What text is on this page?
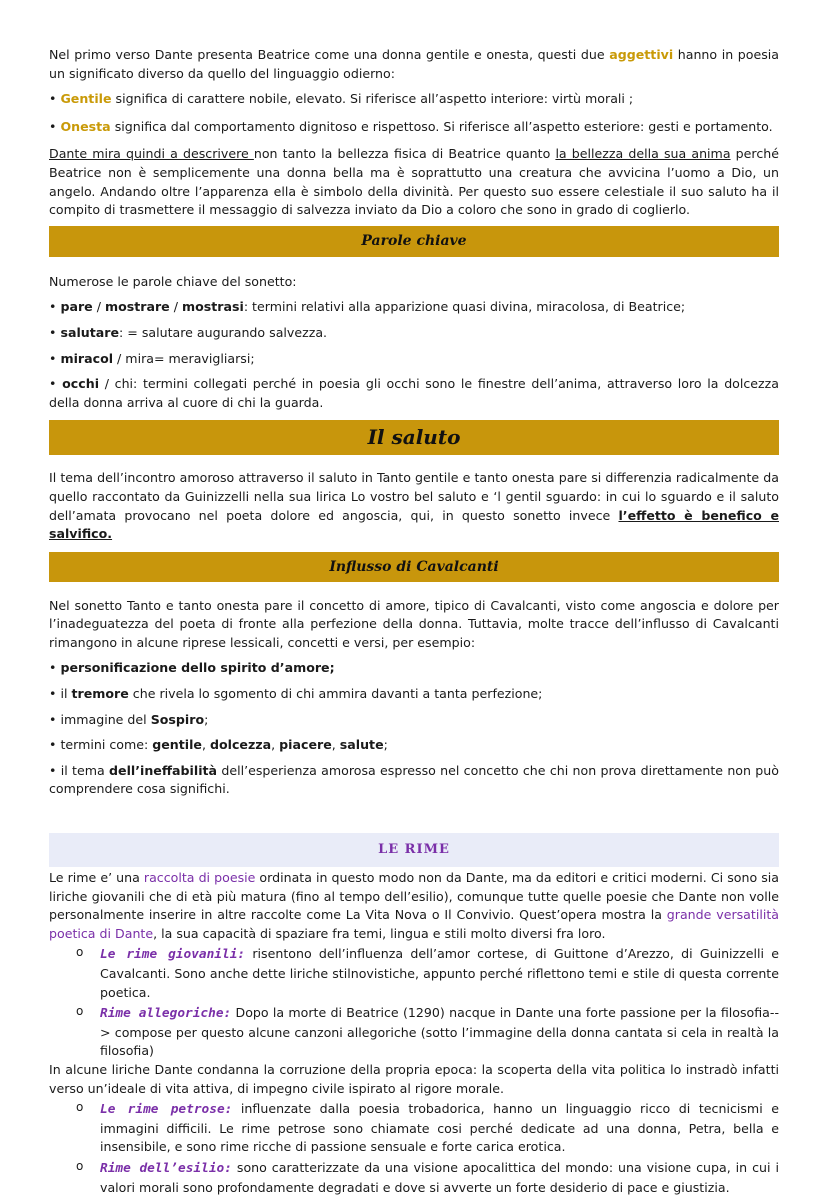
Nel primo verso Dante presenta Beatrice come una donna gentile e onesta, questi due aggettivi hanno in poesia un significato diverso da quello del linguaggio odierno:

• Gentile significa di carattere nobile, elevato. Si riferisce all’aspetto interiore: virtù morali ;

• Onesta significa dal comportamento dignitoso e rispettoso. Si riferisce all’aspetto esteriore: gesti e portamento.

Dante mira quindi a descrivere non tanto la bellezza fisica di Beatrice quanto la bellezza della sua anima perché Beatrice non è semplicemente una donna bella ma è soprattutto una creatura che avvicina l’uomo a Dio, un angelo. Andando oltre l’apparenza ella è simbolo della divinità. Per questo suo essere celestiale il suo saluto ha il compito di trasmettere il messaggio di salvezza inviato da Dio a coloro che sono in grado di coglierlo.

Parole chiave

Numerose le parole chiave del sonetto:

• pare / mostrare / mostrasi: termini relativi alla apparizione quasi divina, miracolosa, di Beatrice;

• salutare: = salutare augurando salvezza.

• miracol / mira= meravigliarsi;

• occhi / chi: termini collegati perché in poesia gli occhi sono le finestre dell’anima, attraverso loro la dolcezza della donna arriva al cuore di chi la guarda.

Il saluto

Il tema dell’incontro amoroso attraverso il saluto in Tanto gentile e tanto onesta pare si differenzia radicalmente da quello raccontato da Guinizzelli nella sua lirica Lo vostro bel saluto e ‘l gentil sguardo: in cui lo sguardo e il saluto dell’amata provocano nel poeta dolore ed angoscia, qui, in questo sonetto invece l’effetto è benefico e salvifico.

Influsso di Cavalcanti

Nel sonetto Tanto e tanto onesta pare il concetto di amore, tipico di Cavalcanti, visto come angoscia e dolore per l’inadeguatezza del poeta di fronte alla perfezione della donna. Tuttavia, molte tracce dell’influsso di Cavalcanti rimangono in alcune riprese lessicali, concetti e versi, per esempio:

• personificazione dello spirito d’amore;

• il tremore che rivela lo sgomento di chi ammira davanti a tanta perfezione;

• immagine del Sospiro;

• termini come: gentile, dolcezza, piacere, salute;

• il tema dell’ineffabilità dell’esperienza amorosa espresso nel concetto che chi non prova direttamente non può comprendere cosa significhi.

LE RIME

Le rime e’ una raccolta di poesie ordinata in questo modo non da Dante, ma da editori e critici moderni. Ci sono sia liriche giovanili che di età più matura (fino al tempo dell’esilio), comunque tutte quelle poesie che Dante non volle personalmente inserire in altre raccolte come La Vita Nova o Il Convivio. Quest’opera mostra la grande versatilità poetica di Dante, la sua capacità di spaziare fra temi, lingua e stili molto diversi fra loro.

o Le rime giovanili: risentono dell’influenza dell’amor cortese, di Guittone d’Arezzo, di Guinizzelli e Cavalcanti. Sono anche dette liriche stilnovistiche, appunto perché riflettono temi e stile di questa corrente poetica.

o Rime allegoriche: Dopo la morte di Beatrice (1290) nacque in Dante una forte passione per la filosofia--> compose per questo alcune canzoni allegoriche (sotto l’immagine della donna cantata si cela in realtà la filosofia)

In alcune liriche Dante condanna la corruzione della propria epoca: la scoperta della vita politica lo instradò infatti verso un’ideale di vita attiva, di impegno civile ispirato al rigore morale.

o Le rime petrose: influenzate dalla poesia trobadorica, hanno un linguaggio ricco di tecnicismi e immagini difficili. Le rime petrose sono chiamate cosi perché dedicate ad una donna, Petra, bella e insensibile, e sono rime ricche di passione sensuale e forte carica erotica.

o Rime dell’esilio: sono caratterizzate da una visione apocalittica del mondo: una visione cupa, in cui i valori morali sono profondamente degradati e dove si avverte un forte desiderio di pace e giustizia.
